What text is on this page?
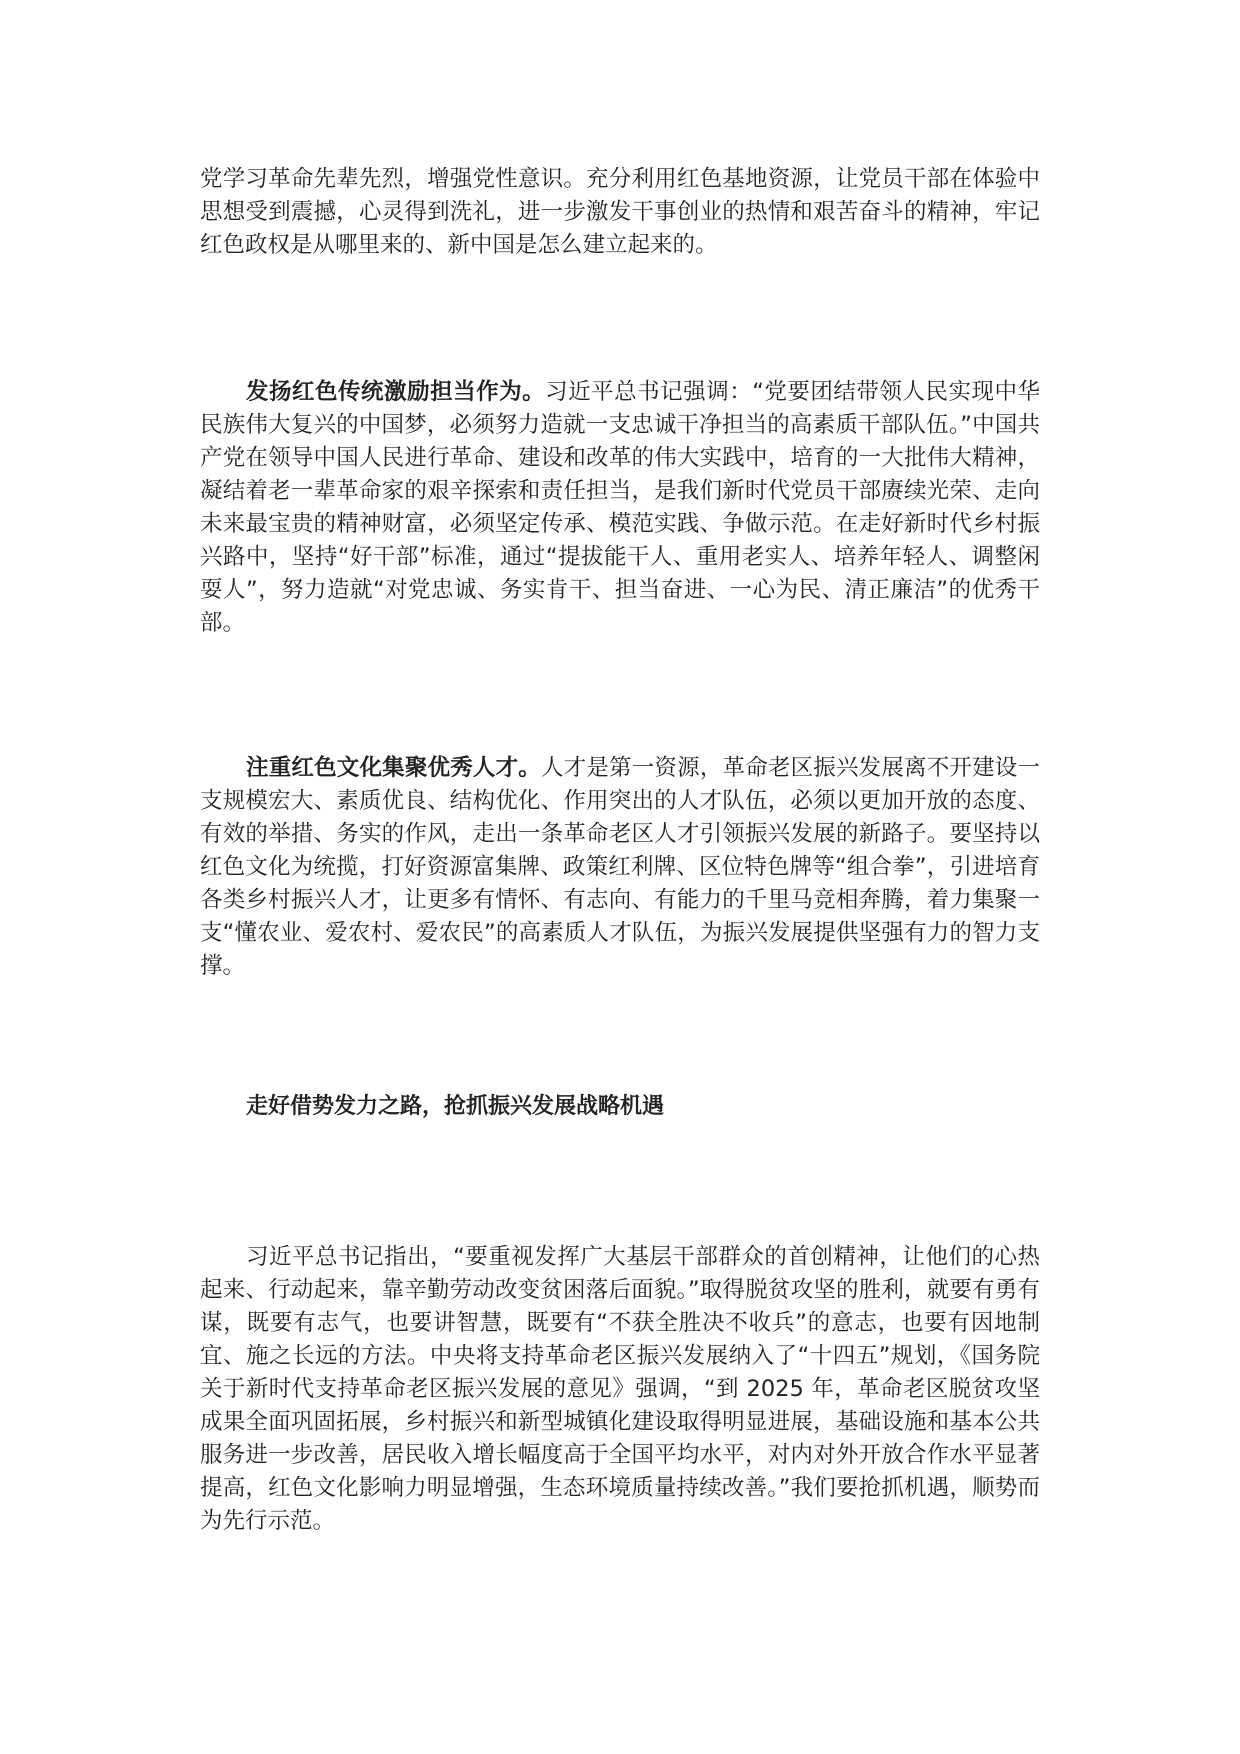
党学习革命先辈先烈，增强党性意识。充分利用红色基地资源，让党员干部在体验中思想受到震撼，心灵得到洗礼，进一步激发干事创业的热情和艰苦奋斗的精神，牢记红色政权是从哪里来的、新中国是怎么建立起来的。

发扬红色传统激励担当作为。习近平总书记强调：“党要团结带领人民实现中华民族伟大复兴的中国梦，必须努力造就一支忠诚干净担当的高素质干部队伍。”中国共产党在领导中国人民进行革命、建设和改革的伟大实践中，培育的一大批伟大精神，凝结着老一辈革命家的艰辛探索和责任担当，是我们新时代党员干部赓续光荣、走向未来最宝贵的精神财富，必须坚定传承、模范实践、争做示范。在走好新时代乡村振兴路中，坚持“好干部”标准，通过“提拔能干人、重用老实人、培养年轻人、调整闲耍人”，努力造就“对党忠诚、务实肯干、担当奋进、一心为民、清正廉洁”的优秀干部。

注重红色文化集聚优秀人才。人才是第一资源，革命老区振兴发展离不开建设一支规模宏大、素质优良、结构优化、作用突出的人才队伍，必须以更加开放的态度、有效的举措、务实的作风，走出一条革命老区人才引领振兴发展的新路子。要坚持以红色文化为统揽，打好资源富集牌、政策红利牌、区位特色牌等“组合拳”，引进培育各类乡村振兴人才，让更多有情怀、有志向、有能力的千里马竞相奔腾，着力集聚一支“懂农业、爱农村、爱农民”的高素质人才队伍，为振兴发展提供坚强有力的智力支撑。

走好借势发力之路，抢抓振兴发展战略机遇

习近平总书记指出，“要重视发挥广大基层干部群众的首创精神，让他们的心热起来、行动起来，靠辛勤劳动改变贫困落后面貌。”取得脱贫攻坚的胜利，就要有勇有谋，既要有志气，也要讲智慧，既要有“不获全胜决不收兵”的意志，也要有因地制宜、施之长远的方法。中央将支持革命老区振兴发展纳入了“十四五”规划，《国务院关于新时代支持革命老区振兴发展的意见》强调，“到 2025 年，革命老区脱贫攻坚成果全面巩固拓展，乡村振兴和新型城镇化建设取得明显进展，基础设施和基本公共服务进一步改善，居民收入增长幅度高于全国平均水平，对内对外开放合作水平显著提高，红色文化影响力明显增强，生态环境质量持续改善。”我们要抢抓机遇，顺势而为先行示范。
